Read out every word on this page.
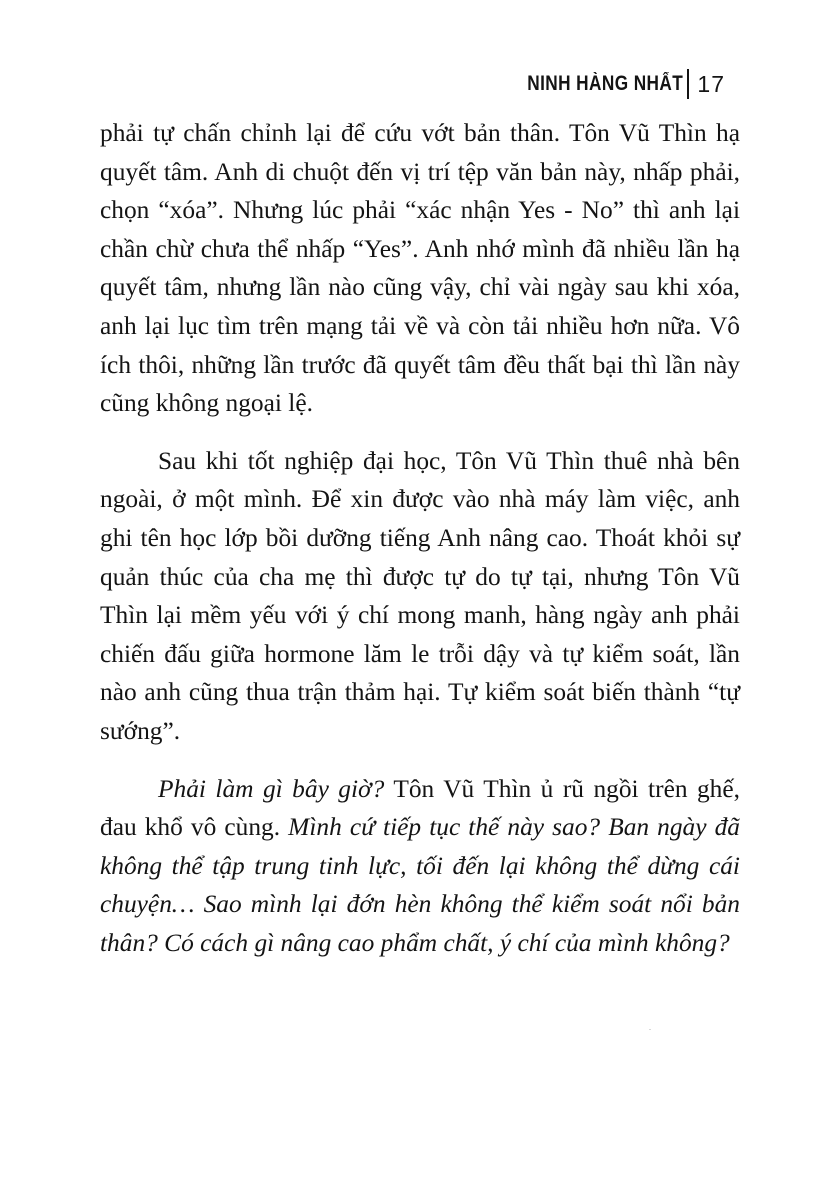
NINH HÀNG NHẤT 17

phải tự chấn chỉnh lại để cứu vớt bản thân. Tôn Vũ Thìn hạ quyết tâm. Anh di chuột đến vị trí tệp văn bản này, nhấp phải, chọn “xóa”. Nhưng lúc phải “xác nhận Yes - No” thì anh lại chần chừ chưa thể nhấp “Yes”. Anh nhớ mình đã nhiều lần hạ quyết tâm, nhưng lần nào cũng vậy, chỉ vài ngày sau khi xóa, anh lại lục tìm trên mạng tải về và còn tải nhiều hơn nữa. Vô ích thôi, những lần trước đã quyết tâm đều thất bại thì lần này cũng không ngoại lệ.

Sau khi tốt nghiệp đại học, Tôn Vũ Thìn thuê nhà bên ngoài, ở một mình. Để xin được vào nhà máy làm việc, anh ghi tên học lớp bồi dưỡng tiếng Anh nâng cao. Thoát khỏi sự quản thúc của cha mẹ thì được tự do tự tại, nhưng Tôn Vũ Thìn lại mềm yếu với ý chí mong manh, hàng ngày anh phải chiến đấu giữa hormone lăm le trỗi dậy và tự kiểm soát, lần nào anh cũng thua trận thảm hại. Tự kiểm soát biến thành “tự sướng”.

Phải làm gì bây giờ? Tôn Vũ Thìn ủ rũ ngồi trên ghế, đau khổ vô cùng. Mình cứ tiếp tục thế này sao? Ban ngày đã không thể tập trung tinh lực, tối đến lại không thể dừng cái chuyện… Sao mình lại đớn hèn không thể kiểm soát nổi bản thân? Có cách gì nâng cao phẩm chất, ý chí của mình không?
